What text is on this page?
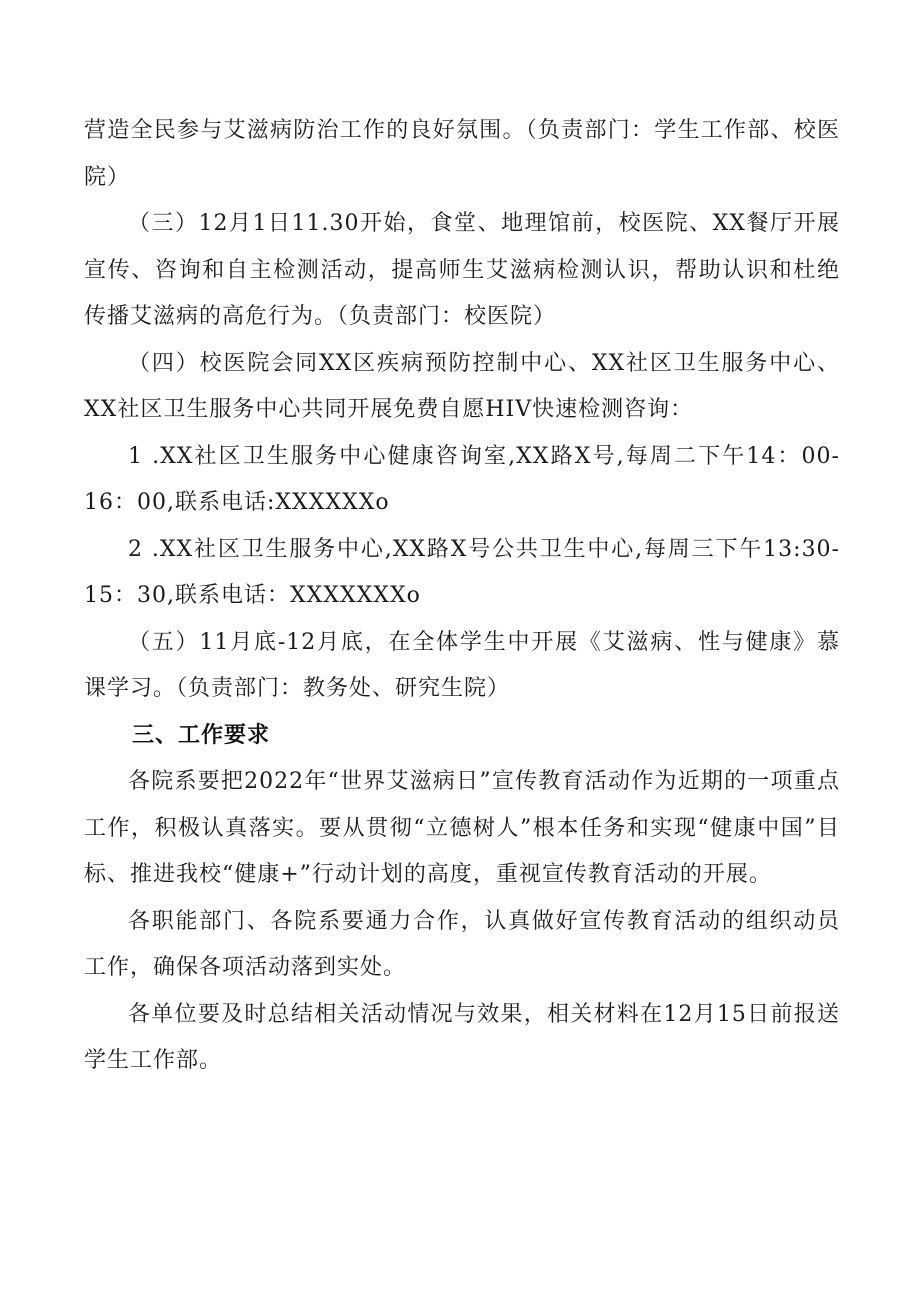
营造全民参与艾滋病防治工作的良好氛围。（负责部门：学生工作部、校医院）

（三）12月1日11.30开始，食堂、地理馆前，校医院、XX餐厅开展宣传、咨询和自主检测活动，提高师生艾滋病检测认识，帮助认识和杜绝传播艾滋病的高危行为。（负责部门：校医院）

（四）校医院会同XX区疾病预防控制中心、XX社区卫生服务中心、XX社区卫生服务中心共同开展免费自愿HIV快速检测咨询：

1 .XX社区卫生服务中心健康咨询室,XX路X号,每周二下午14：00-16：00,联系电话:XXXXXXo

2 .XX社区卫生服务中心,XX路X号公共卫生中心,每周三下午13:30-15：30,联系电话：XXXXXXXo

（五）11月底-12月底，在全体学生中开展《艾滋病、性与健康》慕课学习。（负责部门：教务处、研究生院）

三、工作要求

各院系要把2022年“世界艾滋病日”宣传教育活动作为近期的一项重点工作，积极认真落实。要从贯彻“立德树人”根本任务和实现“健康中国”目标、推进我校“健康+”行动计划的高度，重视宣传教育活动的开展。

各职能部门、各院系要通力合作，认真做好宣传教育活动的组织动员工作，确保各项活动落到实处。

各单位要及时总结相关活动情况与效果，相关材料在12月15日前报送学生工作部。
